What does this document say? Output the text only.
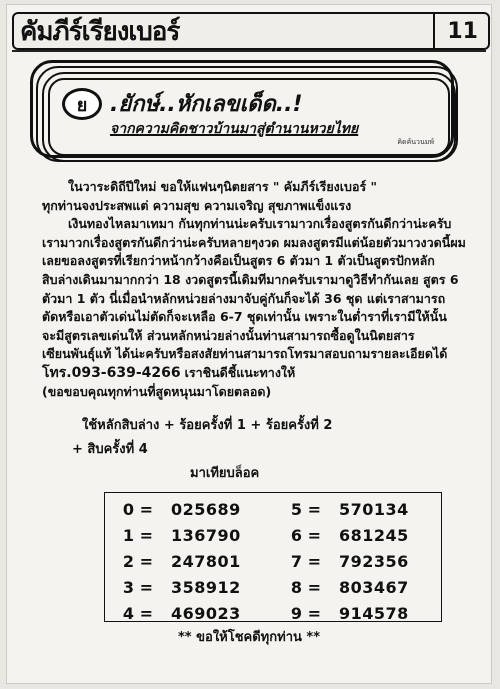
คัมภีร์เรียงเบอร์	11
ย	.ยักษ์..หักเลขเด็ด..!
จากความคิดชาวบ้านมาสู่ตำนานหวยไทย
คิดค้นวนมพ์

ในวาระดิถีปีใหม่ ขอให้แฟนๆนิตยสาร " คัมภีร์เรียงเบอร์ "

ทุกท่านจงประสพแต่ ความสุข ความเจริญ สุขภาพแข็งแรง

เงินทองไหลมาเทมา กันทุกท่านน่ะครับเรามาวกเรื่องสูตรกันดีกว่าน่ะครับ

เรามาวกเรื่องสูตรกันดีกว่าน่ะครับหลายๆงวด ผมลงสูตรมีแต่น้อยตัวมาวงวดนี้ผม

เลยขอลงสูตรที่เรียกว่าหน้ากว้างคือเป็นสูตร 6 ตัวมา 1 ตัวเป็นสูตรปักหลัก

สิบล่างเดินมามากกว่า 18 งวดสูตรนี้เดิมทีมากครับเรามาดูวิธีทำกันเลย สูตร 6

ตัวมา 1 ตัว นี่เมื่อนำหลักหน่วยล่างมาจับคู่กันก็จะได้ 36 ชุด แต่เราสามารถ

ตัดหรือเอาตัวเด่นไม่ตัดก็จะเหลือ 6-7 ชุดเท่านั้น เพราะในต่ำราที่เรามีให้นั้น

จะมีสูตรเลขเด่นให้ ส่วนหลักหน่วยล่างนั้นท่านสามารถซื้อดูในนิตยสาร

เซียนพันธุ์แท้ ได้น่ะครับหรือสงสัยท่านสามารถโทรมาสอบถามรายละเอียดได้

โทร.093-639-4266 เราชินดีชี้แนะทางให้

(ขอขอบคุณทุกท่านที่สูดหนุนมาโดยตลอด)

ใช้หลักสิบล่าง + ร้อยครั้งที่ 1 + ร้อยครั้งที่ 2

+ สิบครั้งที่ 4

มาเทียบล็อค

0 = 025689	5 = 570134
1 = 136790	6 = 681245
2 = 247801	7 = 792356
3 = 358912	8 = 803467
4 = 469023	9 = 914578
** ขอให้โชคดีทุกท่าน **
